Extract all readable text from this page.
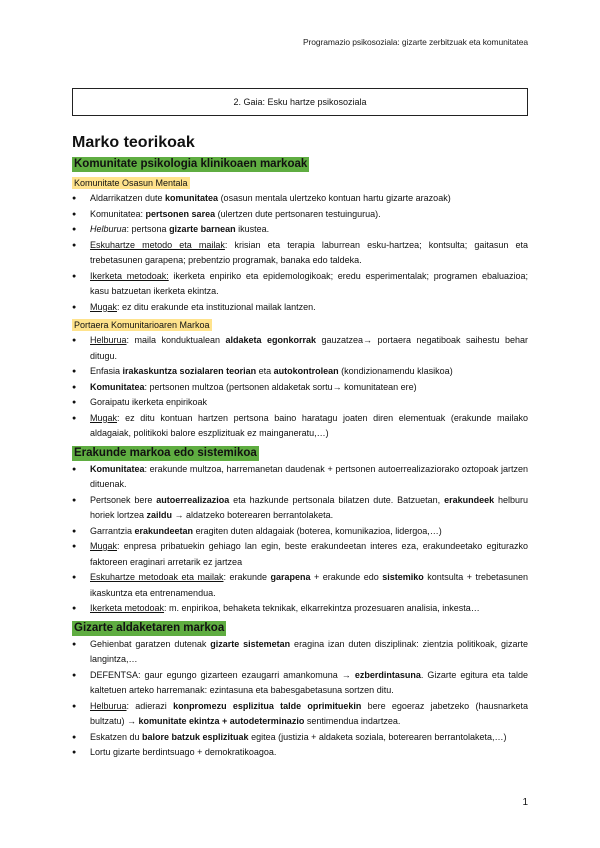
Programazio psikosoziala: gizarte zerbitzuak eta komunitatea
2. Gaia: Esku hartze psikosoziala
Marko teorikoak
Komunitate psikologia klinikoaen markoak
Komunitate Osasun Mentala
● Aldarrikatzen dute komunitatea (osasun mentala ulertzeko kontuan hartu gizarte arazoak)
● Komunitatea: pertsonen sarea (ulertzen dute pertsonaren testuingurua).
● Helburua: pertsona gizarte barnean ikustea.
● Eskuhartze metodo eta mailak: krisian eta terapia laburrean esku-hartzea; kontsulta; gaitasun eta trebetasunen garapena; prebentzio programak, banaka edo taldeka.
● Ikerketa metodoak: ikerketa enpiriko eta epidemologikoak; eredu esperimentalak; programen ebaluazioa; kasu batzuetan ikerketa ekintza.
● Mugak: ez ditu erakunde eta instituzional mailak lantzen.
Portaera Komunitarioaren Markoa
● Helburua: maila konduktualean aldaketa egonkorrak gauzatzea→ portaera negatiboak saihestu behar ditugu.
● Enfasia irakaskuntza sozialaren teorian eta autokontrolean (kondizionamendu klasikoa)
● Komunitatea: pertsonen multzoa (pertsonen aldaketak sortu→ komunitatean ere)
● Goraipatu ikerketa enpirikoak
● Mugak: ez ditu kontuan hartzen pertsona baino haratagu joaten diren elementuak (erakunde mailako aldagaiak, politikoki balore eszplizituak ez mainganeratu,…)
Erakunde markoa edo sistemikoa
● Komunitatea: erakunde multzoa, harremanetan daudenak + pertsonen autoerrealizaziorako oztopoak jartzen dituenak.
● Pertsonek bere autoerrealizazioa eta hazkunde pertsonala bilatzen dute. Batzuetan, erakundeek helburu horiek lortzea zaildu → aldatzeko boterearen berrantolaketa.
● Garrantzia erakundeetan eragiten duten aldagaiak (boterea, komunikazioa, lidergoa,…)
● Mugak: enpresa pribatuekin gehiago lan egin, beste erakundeetan interes eza, erakundeetako egiturazko faktoreen eraginari arretarik ez jartzea
● Eskuhartze metodoak eta mailak: erakunde garapena + erakunde edo sistemiko kontsulta + trebetasunen ikaskuntza eta entrenamendua.
● Ikerketa metodoak: m. enpirikoa, behaketa teknikak, elkarrekintza prozesuaren analisia, inkesta…
Gizarte aldaketaren markoa
● Gehienbat garatzen dutenak gizarte sistemetan eragina izan duten disziplinak: zientzia politikoak, gizarte langintza,…
● DEFENTSA: gaur egungo gizarteen ezaugarri amankomuna → ezberdintasuna. Gizarte egitura eta talde kaltetuen arteko harremanak: ezintasuna eta babesgabetasuna sortzen ditu.
● Helburua: adierazi konpromezu esplizitua talde oprimituekin bere egoeraz jabetzeko (hausnarketa bultzatu) → komunitate ekintza + autodeterminazio sentimendua indartzea.
● Eskatzen du balore batzuk esplizituak egitea (justizia + aldaketa soziala, boterearen berrantolaketa,…)
● Lortu gizarte berdintsuago + demokratikoagoa.
1
